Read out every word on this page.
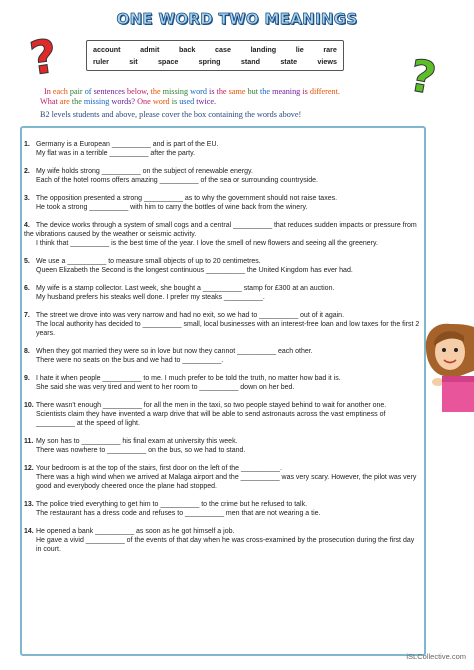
ONE WORD TWO MEANINGS
?	?
account	admit	back	case	landing	lie	rare
ruler	sit	space	spring	stand	state	views
In each pair of sentences below, the missing word is the same but the meaning is different.
What are the missing words? One word is used twice.
B2 levels students and above, please cover the box containing the words above!
1. Germany is a European __________ and is part of the EU.
My flat was in a terrible __________ after the party.
2. My wife holds strong __________ on the subject of renewable energy.
Each of the hotel rooms offers amazing __________ of the sea or surrounding countryside.
3. The opposition presented a strong __________ as to why the government should not raise taxes.
He took a strong __________ with him to carry the bottles of wine back from the winery.
4. The device works through a system of small cogs and a central __________ that reduces sudden impacts or pressure from the vibrations caused by the weather or seismic activity.
I think that __________ is the best time of the year. I love the smell of new flowers and seeing all the greenery.
5. We use a __________ to measure small objects of up to 20 centimetres.
Queen Elizabeth the Second is the longest continuous __________ the United Kingdom has ever had.
6. My wife is a stamp collector. Last week, she bought a __________ stamp for £300 at an auction.
My husband prefers his steaks well done. I prefer my steaks __________.
7. The street we drove into was very narrow and had no exit, so we had to __________ out of it again.
The local authority has decided to __________ small, local businesses with an interest-free loan and low taxes for the first 2 years.
8. When they got married they were so in love but now they cannot __________ each other.
There were no seats on the bus and we had to __________.
9. I hate it when people __________ to me. I much prefer to be told the truth, no matter how bad it is.
She said she was very tired and went to her room to __________ down on her bed.
10. There wasn't enough __________ for all the men in the taxi, so two people stayed behind to wait for another one.
Scientists claim they have invented a warp drive that will be able to send astronauts across the vast emptiness of __________ at the speed of light.
11. My son has to __________ his final exam at university this week.
There was nowhere to __________ on the bus, so we had to stand.
12. Your bedroom is at the top of the stairs, first door on the left of the __________.
There was a high wind when we arrived at Malaga airport and the __________ was very scary. However, the pilot was very good and everybody cheered once the plane had stopped.
13. The police tried everything to get him to __________ to the crime but he refused to talk.
The restaurant has a dress code and refuses to __________ men that are not wearing a tie.
14. He opened a bank __________ as soon as he got himself a job.
He gave a vivid __________ of the events of that day when he was cross-examined by the prosecution during the first day in court.
iSLCollective.com
